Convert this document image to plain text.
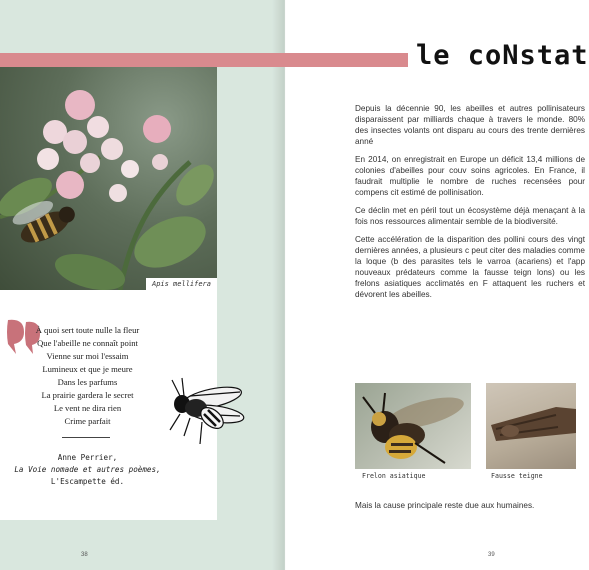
le coNstat
Apis mellifera
À quoi sert toute nulle la fleur
Que l'abeille ne connaît point
Vienne sur moi l'essaim
Lumineux et que je meure
Dans les parfums
La prairie gardera le secret
Le vent ne dira rien
Crime parfait
Anne Perrier,
La Voie nomade et autres poèmes,
L'Escampette éd.
38

Depuis la décennie 90, les abeilles et autres pollinisateurs disparaissent par milliards chaque à travers le monde. 80% des insectes volants ont disparu au cours des trente dernières anné

En 2014, on enregistrait en Europe un déficit 13,4 millions de colonies d'abeilles pour couv soins agricoles. En France, il faudrait multiplie le nombre de ruches recensées pour compens cit estimé de pollinisation.

Ce déclin met en péril tout un écosystème déjà menaçant à la fois nos ressources alimentair semble de la biodiversité.

Cette accélération de la disparition des pollini cours des vingt dernières années, a plusieurs c peut citer des maladies comme la loque (b des parasites tels le varroa (acariens) et l'app nouveaux prédateurs comme la fausse teign lons) ou les frelons asiatiques acclimatés en F attaquent les ruchers et dévorent les abeilles.

Frelon asiatique	Fausse teigne
Mais la cause principale reste due aux humaines.
39
